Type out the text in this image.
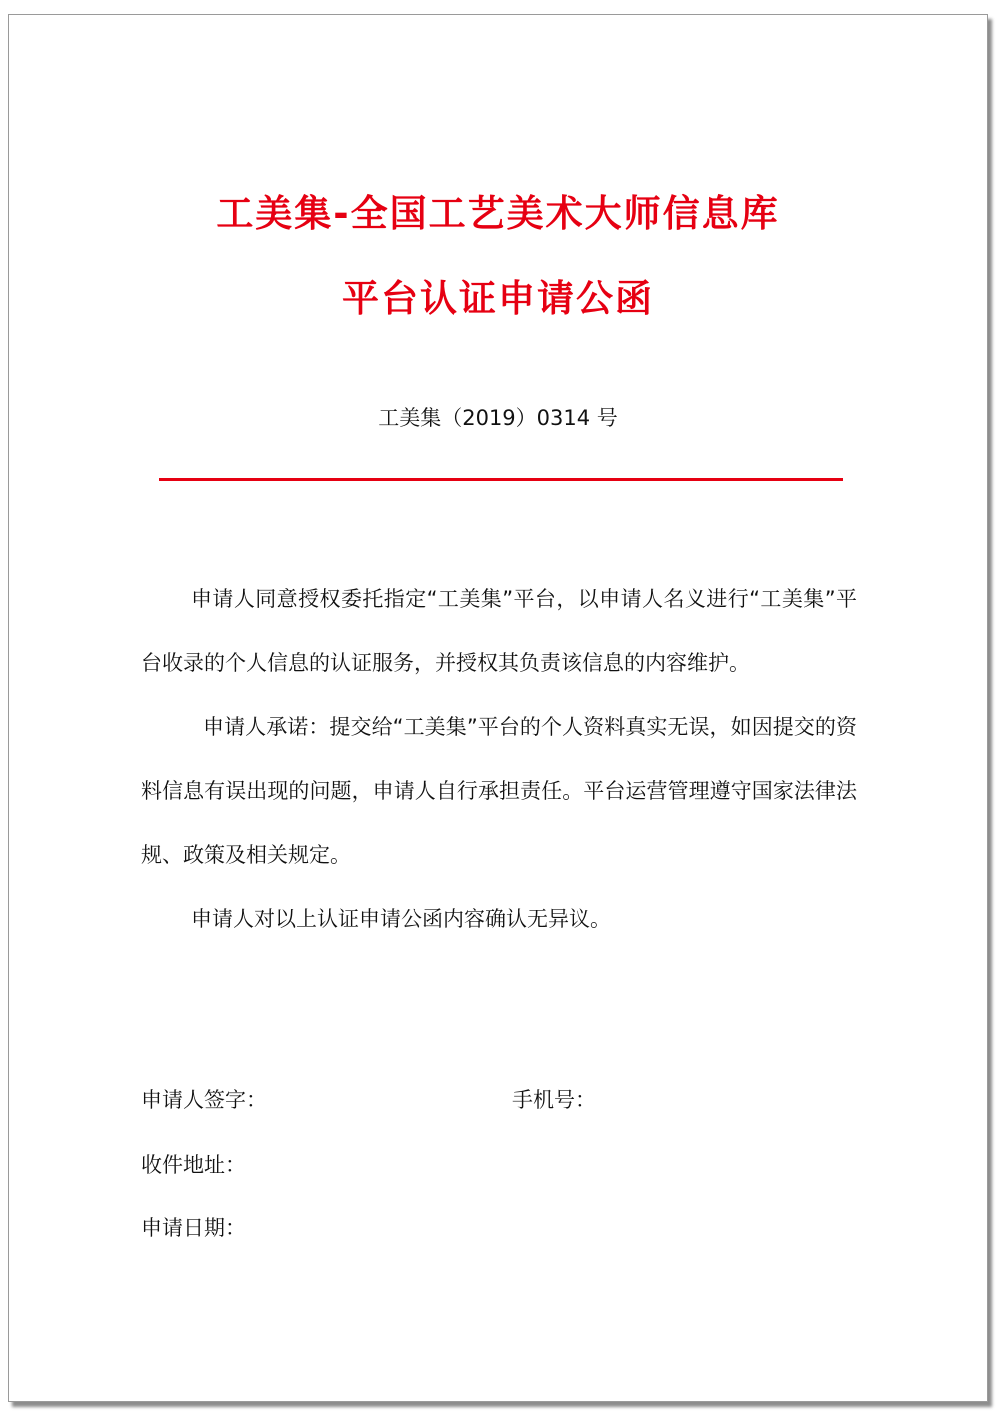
工美集-全国工艺美术大师信息库
平台认证申请公函
工美集（2019）0314 号

申请人同意授权委托指定“工美集”平台，以申请人名义进行“工美集”平台收录的个人信息的认证服务，并授权其负责该信息的内容维护。

申请人承诺：提交给“工美集”平台的个人资料真实无误，如因提交的资料信息有误出现的问题，申请人自行承担责任。平台运营管理遵守国家法律法规、政策及相关规定。

申请人对以上认证申请公函内容确认无异议。

申请人签字：	手机号：
收件地址：
申请日期：
